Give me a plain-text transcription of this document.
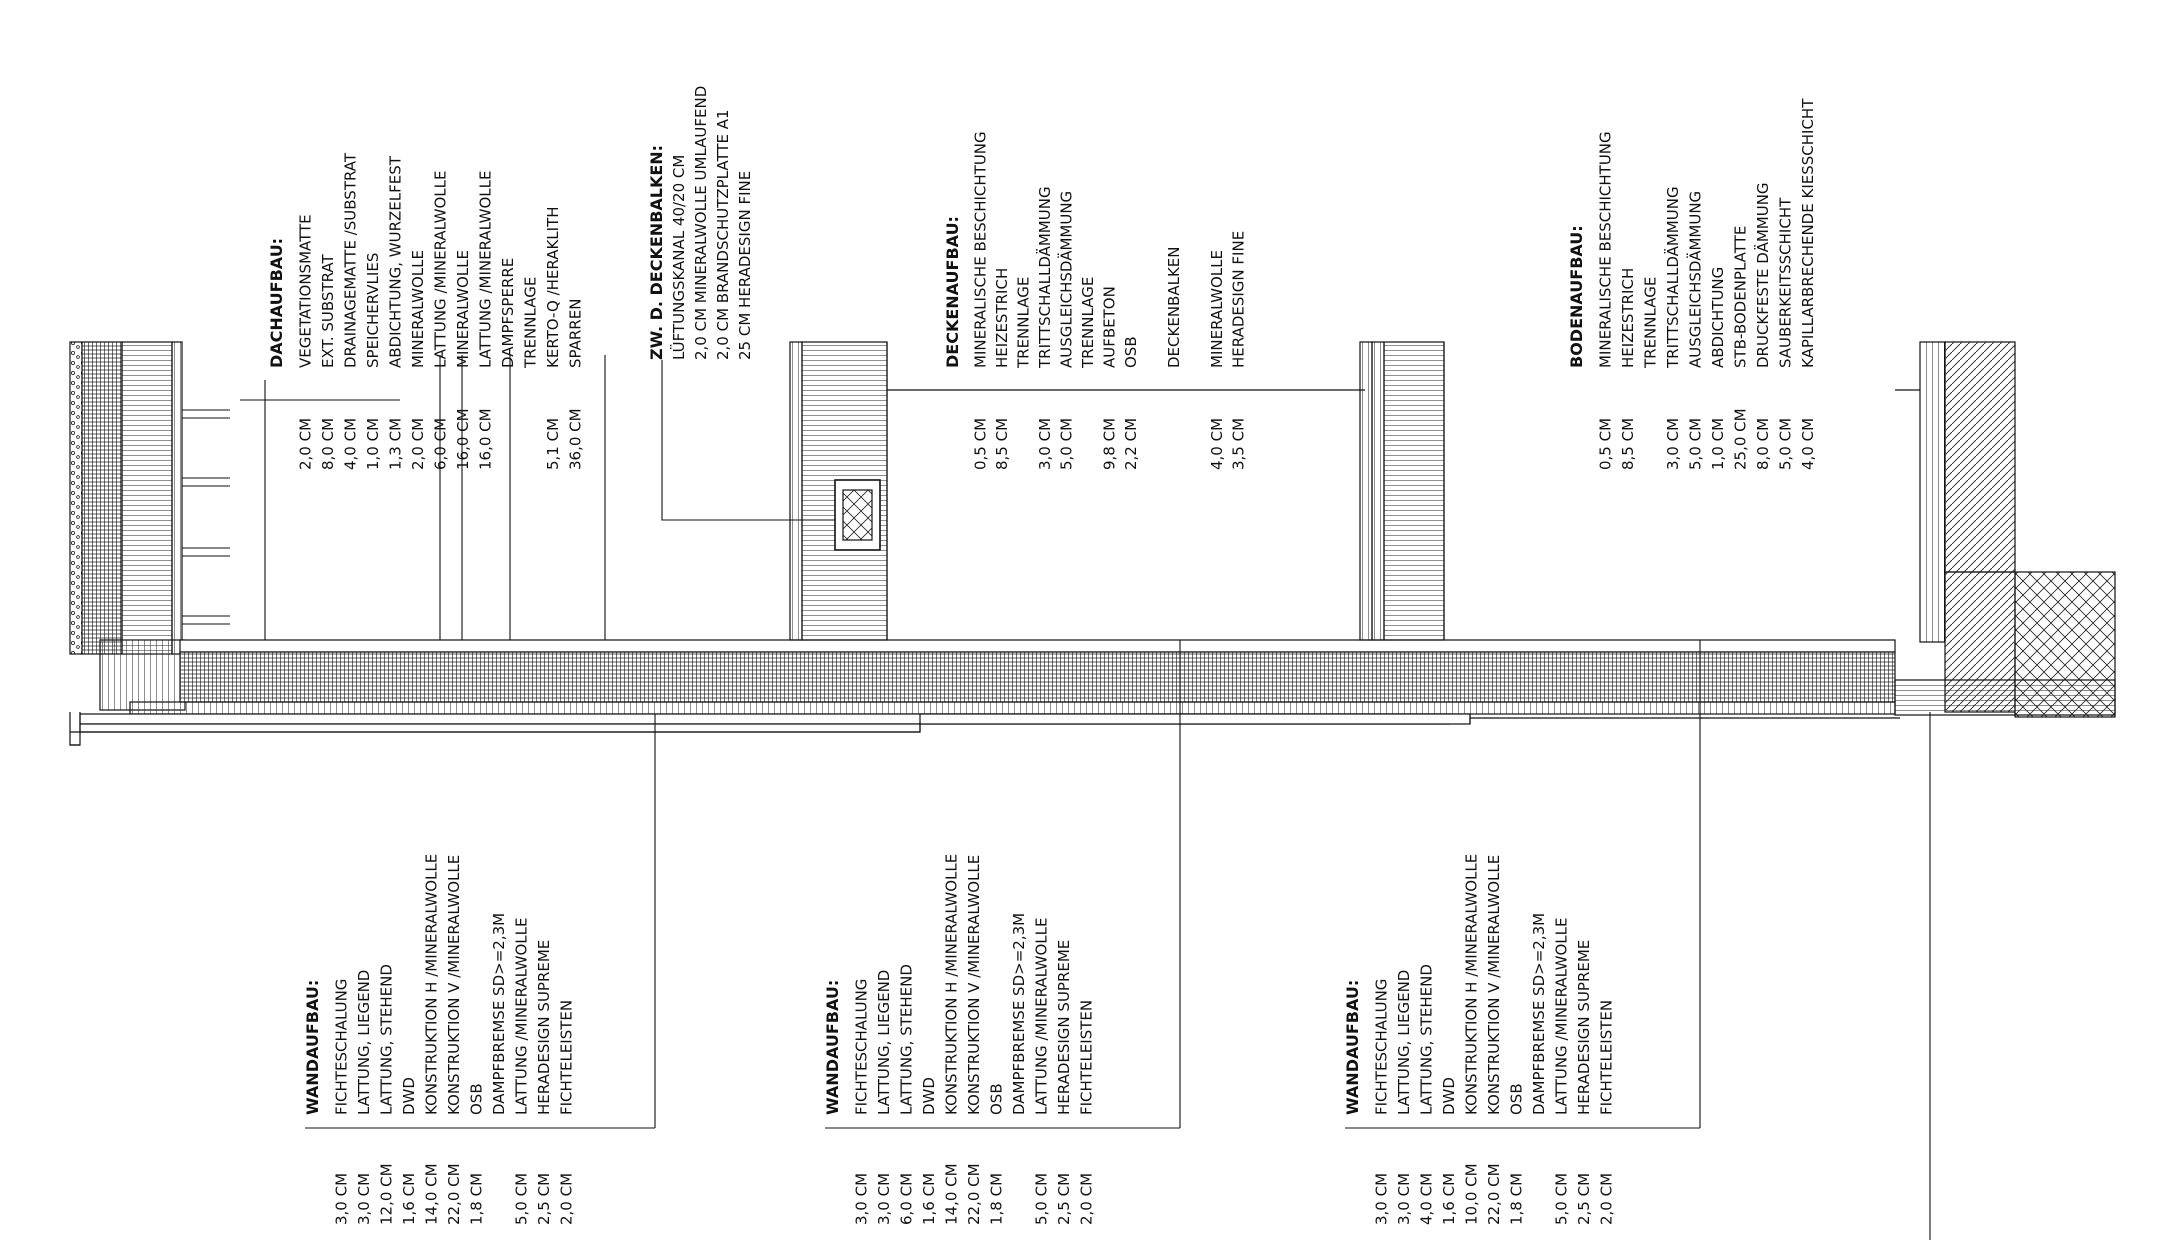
DACHAUFBAU: VEGETATIONSMATTE
2,0 CM
EXT. SUBSTRAT
8,0 CM
DRAINAGEMATTE /SUBSTRAT
4,0 CM
SPEICHERVLIES
1,0 CM
ABDICHTUNG, WURZELFEST
1,3 CM
MINERALWOLLE
2,0 CM
LATTUNG /MINERALWOLLE
6,0 CM
MINERALWOLLE
16,0 CM
LATTUNG /MINERALWOLLE
16,0 CM
DAMPFSPERRE TRENNLAGE KERTO-Q /HERAKLITH
5,1 CM
SPARREN
36,0 CM
ZW. D. DECKENBALKEN: LÜFTUNGSKANAL 40/20 CM 2,0 CM MINERALWOLLE UMLAUFEND 2,0 CM BRANDSCHUTZPLATTE A1 25 CM HERADESIGN FINE	DECKENAUFBAU: MINERALISCHE BESCHICHTUNG
0,5 CM
HEIZESTRICH
8,5 CM
TRENNLAGE TRITTSCHALLDÄMMUNG
3,0 CM
AUSGLEICHSDÄMMUNG
5,0 CM
TRENNLAGE AUFBETON
9,8 CM
OSB
2,2 CM
DECKENBALKEN MINERALWOLLE
4,0 CM
HERADESIGN FINE
3,5 CM
BODENAUFBAU: MINERALISCHE BESCHICHTUNG
0,5 CM
HEIZESTRICH
8,5 CM
TRENNLAGE TRITTSCHALLDÄMMUNG
3,0 CM
AUSGLEICHSDÄMMUNG
5,0 CM
ABDICHTUNG
1,0 CM
STB-BODENPLATTE
25,0 CM
DRUCKFESTE DÄMMUNG
8,0 CM
SAUBERKEITSSCHICHT
5,0 CM
KAPILLARBRECHENDE KIESSCHICHT
4,0 CM
WANDAUFBAU: FICHTESCHALUNG
3,0 CM
LATTUNG, LIEGEND
3,0 CM
LATTUNG, STEHEND
12,0 CM
DWD
1,6 CM
KONSTRUKTION H /MINERALWOLLE
14,0 CM
KONSTRUKTION V /MINERALWOLLE
22,0 CM
OSB
1,8 CM
DAMPFBREMSE SD>=2,3M LATTUNG /MINERALWOLLE
5,0 CM
HERADESIGN SUPREME
2,5 CM
FICHTELEISTEN
2,0 CM
WANDAUFBAU: FICHTESCHALUNG
3,0 CM
LATTUNG, LIEGEND
3,0 CM
LATTUNG, STEHEND
6,0 CM
DWD
1,6 CM
KONSTRUKTION H /MINERALWOLLE
14,0 CM
KONSTRUKTION V /MINERALWOLLE
22,0 CM
OSB
1,8 CM
DAMPFBREMSE SD>=2,3M LATTUNG /MINERALWOLLE
5,0 CM
HERADESIGN SUPREME
2,5 CM
FICHTELEISTEN
2,0 CM
WANDAUFBAU: FICHTESCHALUNG
3,0 CM
LATTUNG, LIEGEND
3,0 CM
LATTUNG, STEHEND
4,0 CM
DWD
1,6 CM
KONSTRUKTION H /MINERALWOLLE
10,0 CM
KONSTRUKTION V /MINERALWOLLE
22,0 CM
OSB
1,8 CM
DAMPFBREMSE SD>=2,3M LATTUNG /MINERALWOLLE
5,0 CM
HERADESIGN SUPREME
2,5 CM
FICHTELEISTEN
2,0 CM
